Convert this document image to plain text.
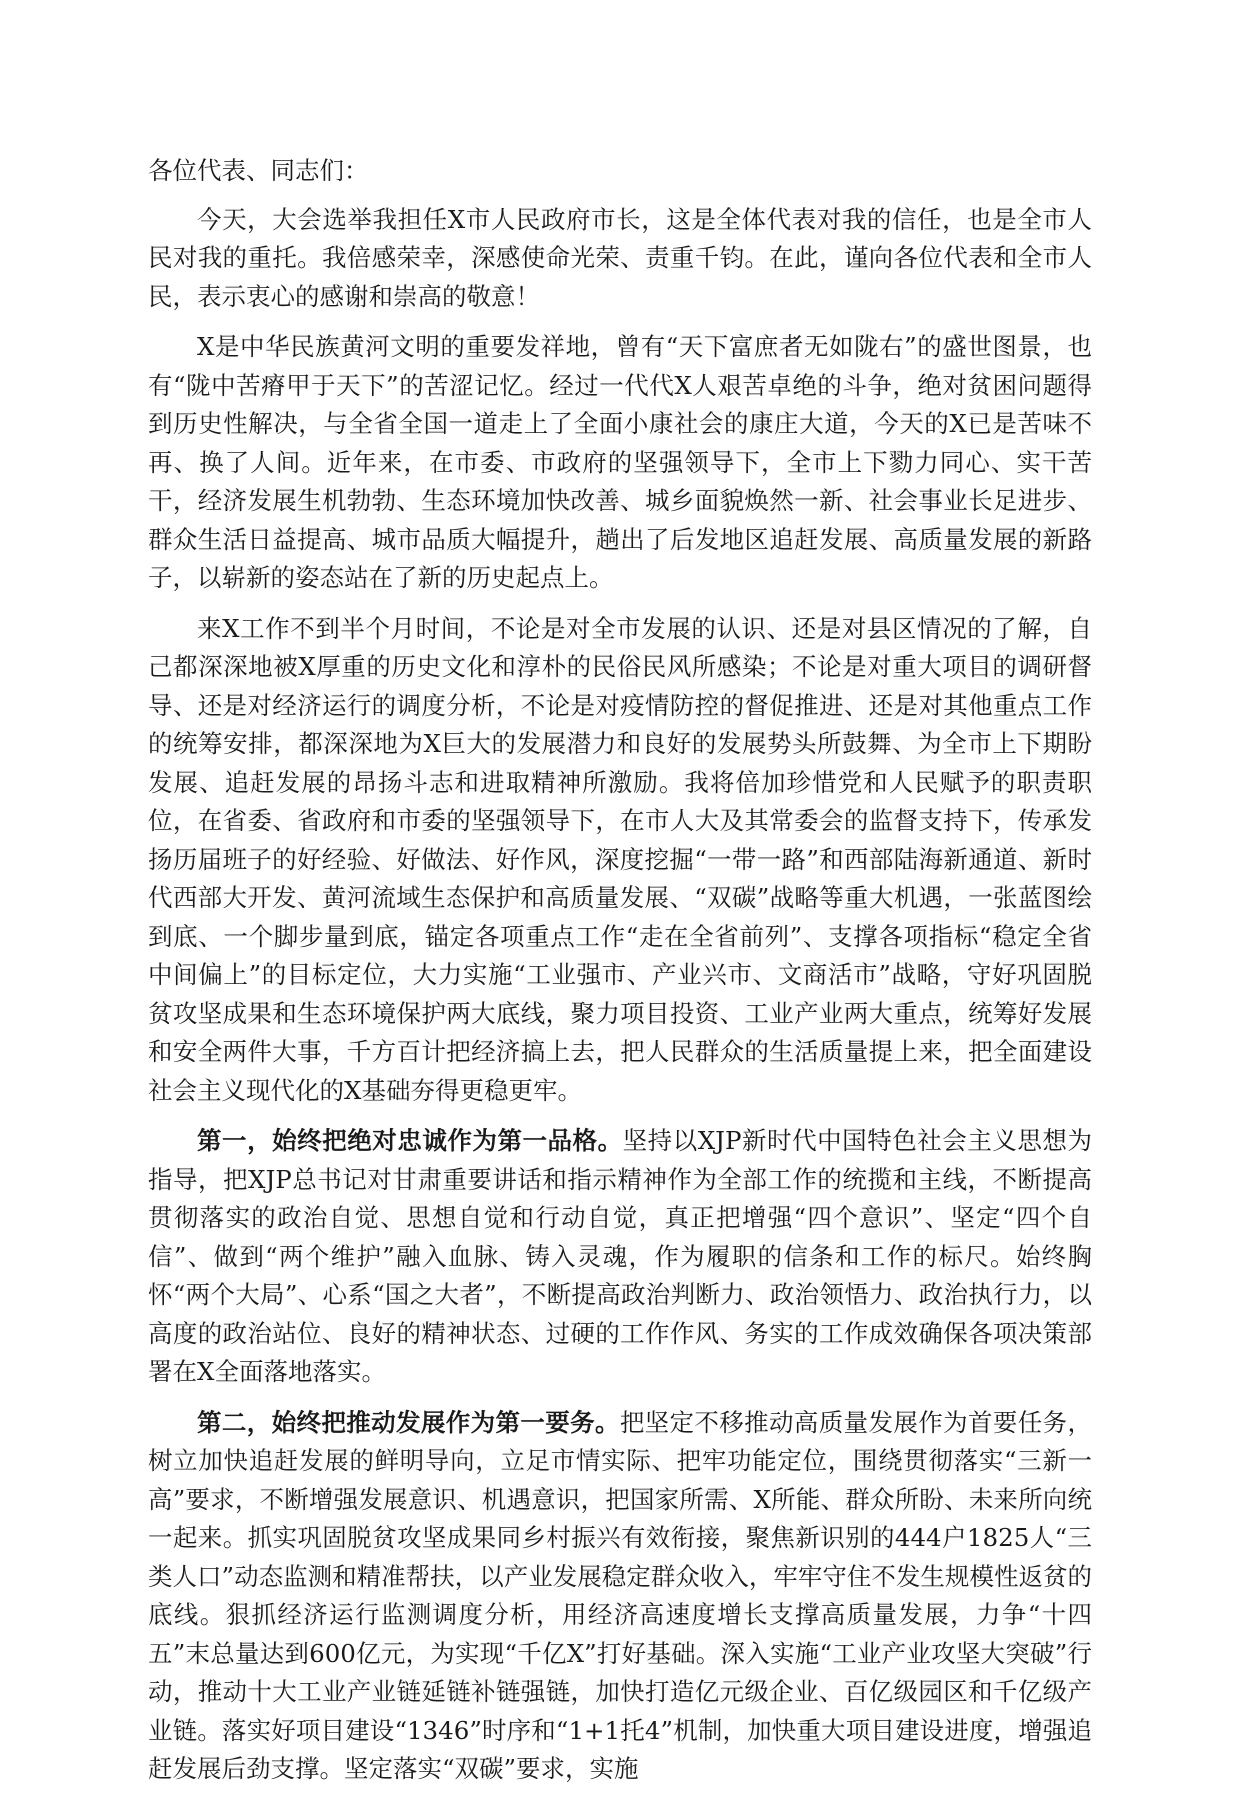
各位代表、同志们：

今天，大会选举我担任X市人民政府市长，这是全体代表对我的信任，也是全市人民对我的重托。我倍感荣幸，深感使命光荣、责重千钧。在此，谨向各位代表和全市人民，表示衷心的感谢和崇高的敬意！

X是中华民族黄河文明的重要发祥地，曾有“天下富庶者无如陇右”的盛世图景，也有“陇中苦瘠甲于天下”的苦涩记忆。经过一代代X人艰苦卓绝的斗争，绝对贫困问题得到历史性解决，与全省全国一道走上了全面小康社会的康庄大道，今天的X已是苦味不再、换了人间。近年来，在市委、市政府的坚强领导下，全市上下勠力同心、实干苦干，经济发展生机勃勃、生态环境加快改善、城乡面貌焕然一新、社会事业长足进步、群众生活日益提高、城市品质大幅提升，趟出了后发地区追赶发展、高质量发展的新路子，以崭新的姿态站在了新的历史起点上。

来X工作不到半个月时间，不论是对全市发展的认识、还是对县区情况的了解，自己都深深地被X厚重的历史文化和淳朴的民俗民风所感染；不论是对重大项目的调研督导、还是对经济运行的调度分析，不论是对疫情防控的督促推进、还是对其他重点工作的统筹安排，都深深地为X巨大的发展潜力和良好的发展势头所鼓舞、为全市上下期盼发展、追赶发展的昂扬斗志和进取精神所激励。我将倍加珍惜党和人民赋予的职责职位，在省委、省政府和市委的坚强领导下，在市人大及其常委会的监督支持下，传承发扬历届班子的好经验、好做法、好作风，深度挖掘“一带一路”和西部陆海新通道、新时代西部大开发、黄河流域生态保护和高质量发展、“双碳”战略等重大机遇，一张蓝图绘到底、一个脚步量到底，锚定各项重点工作“走在全省前列”、支撑各项指标“稳定全省中间偏上”的目标定位，大力实施“工业强市、产业兴市、文商活市”战略，守好巩固脱贫攻坚成果和生态环境保护两大底线，聚力项目投资、工业产业两大重点，统筹好发展和安全两件大事，千方百计把经济搞上去，把人民群众的生活质量提上来，把全面建设社会主义现代化的X基础夯得更稳更牢。

第一，始终把绝对忠诚作为第一品格。坚持以XJP新时代中国特色社会主义思想为指导，把XJP总书记对甘肃重要讲话和指示精神作为全部工作的统揽和主线，不断提高贯彻落实的政治自觉、思想自觉和行动自觉，真正把增强“四个意识”、坚定“四个自信”、做到“两个维护”融入血脉、铸入灵魂，作为履职的信条和工作的标尺。始终胸怀“两个大局”、心系“国之大者”，不断提高政治判断力、政治领悟力、政治执行力，以高度的政治站位、良好的精神状态、过硬的工作作风、务实的工作成效确保各项决策部署在X全面落地落实。

第二，始终把推动发展作为第一要务。把坚定不移推动高质量发展作为首要任务，树立加快追赶发展的鲜明导向，立足市情实际、把牢功能定位，围绕贯彻落实“三新一高”要求，不断增强发展意识、机遇意识，把国家所需、X所能、群众所盼、未来所向统一起来。抓实巩固脱贫攻坚成果同乡村振兴有效衔接，聚焦新识别的444户1825人“三类人口”动态监测和精准帮扶，以产业发展稳定群众收入，牢牢守住不发生规模性返贫的底线。狠抓经济运行监测调度分析，用经济高速度增长支撑高质量发展，力争“十四五”末总量达到600亿元，为实现“千亿X”打好基础。深入实施“工业产业攻坚大突破”行动，推动十大工业产业链延链补链强链，加快打造亿元级企业、百亿级园区和千亿级产业链。落实好项目建设“1346”时序和“1+1托4”机制，加快重大项目建设进度，增强追赶发展后劲支撑。坚定落实“双碳”要求，实施
